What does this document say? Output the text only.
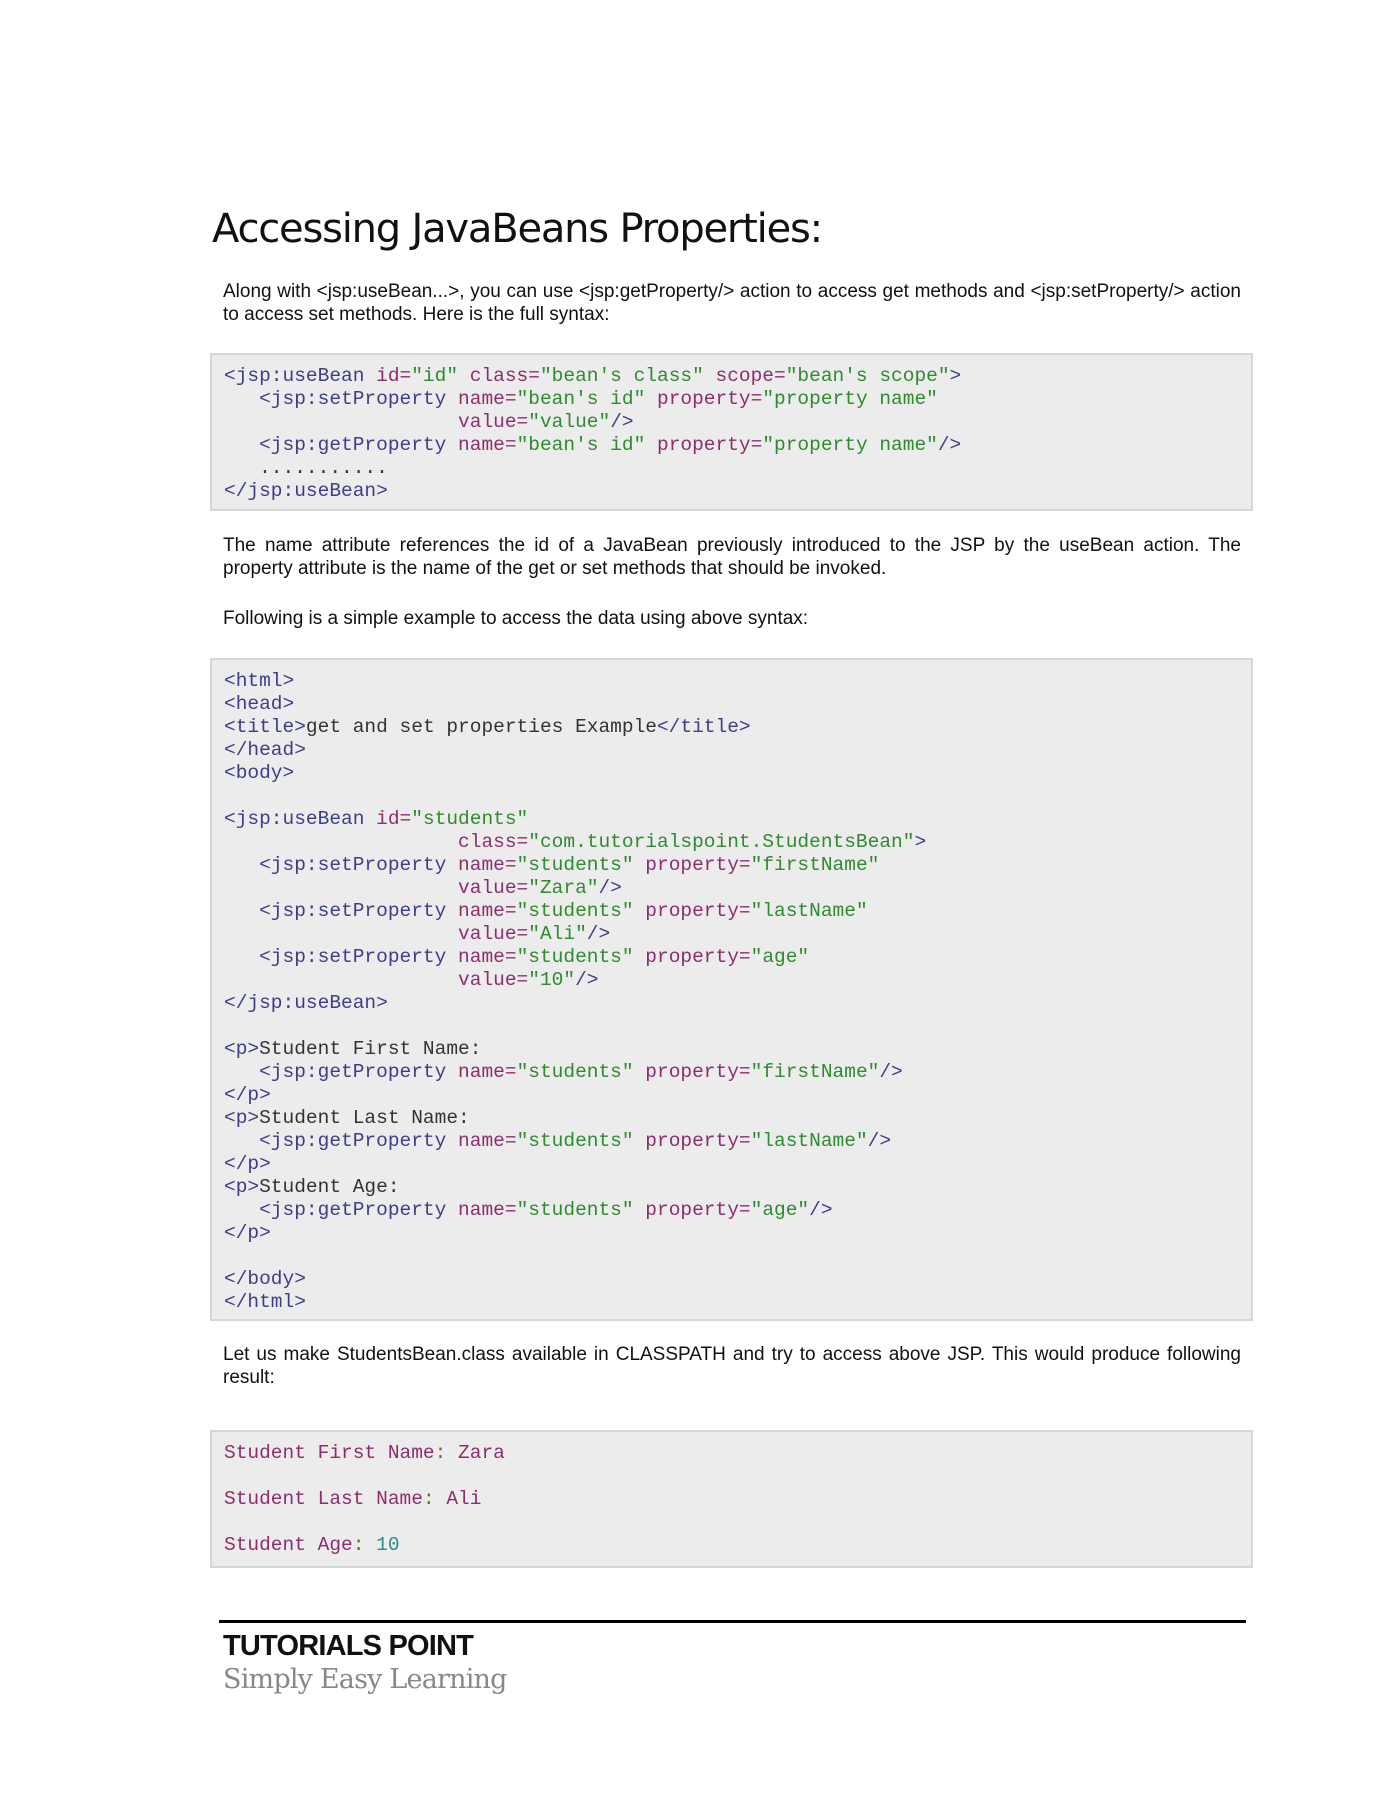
Accessing JavaBeans Properties:
Along with <jsp:useBean...>, you can use <jsp:getProperty/> action to access get methods and <jsp:setProperty/> action to access set methods. Here is the full syntax:
<jsp:useBean id="id" class="bean's class" scope="bean's scope">
<jsp:setProperty name="bean's id" property="property name"
value="value"/>
<jsp:getProperty name="bean's id" property="property name"/>
...........
</jsp:useBean>
The name attribute references the id of a JavaBean previously introduced to the JSP by the useBean action. The property attribute is the name of the get or set methods that should be invoked.
Following is a simple example to access the data using above syntax:
<html>
<head>
<title>get and set properties Example</title>
</head>
<body>
<jsp:useBean id="students"
class="com.tutorialspoint.StudentsBean">
<jsp:setProperty name="students" property="firstName"
value="Zara"/>
<jsp:setProperty name="students" property="lastName"
value="Ali"/>
<jsp:setProperty name="students" property="age"
value="10"/>
</jsp:useBean>
<p>Student First Name:
<jsp:getProperty name="students" property="firstName"/>
</p>
<p>Student Last Name:
<jsp:getProperty name="students" property="lastName"/>
</p>
<p>Student Age:
<jsp:getProperty name="students" property="age"/>
</p>
</body>
</html>
Let us make StudentsBean.class available in CLASSPATH and try to access above JSP. This would produce following result:
Student First Name: Zara
Student Last Name: Ali
Student Age: 10
TUTORIALS POINT
Simply Easy Learning
